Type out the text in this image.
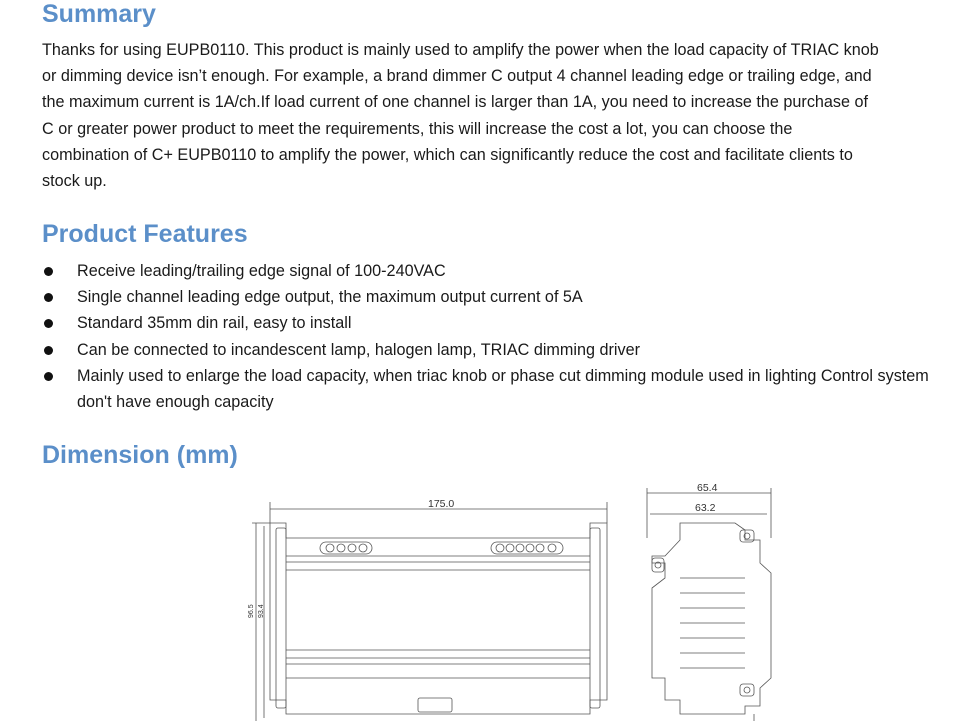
Summary

Thanks for using EUPB0110. This product is mainly used to amplify the power when the load capacity of TRIAC knob
or dimming device isn’t enough. For example, a brand dimmer C output 4 channel leading edge or trailing edge, and
the maximum current is 1A/ch.If load current of one channel is larger than 1A, you need to increase the purchase of
C or greater power product to meet the requirements, this will increase the cost a lot, you can choose the
combination of C+ EUPB0110 to amplify the power, which can significantly reduce the cost and facilitate clients to
stock up.

Product Features
Receive leading/trailing edge signal of 100-240VAC
Single channel leading edge output, the maximum output current of 5A
Standard 35mm din rail, easy to install
Can be connected to incandescent lamp, halogen lamp, TRIAC dimming driver
Mainly used to enlarge the load capacity, when triac knob or phase cut dimming module used in lighting Control system don't have enough capacity
Dimension (mm)
175.0
96.5 93.4
65.4
63.2
